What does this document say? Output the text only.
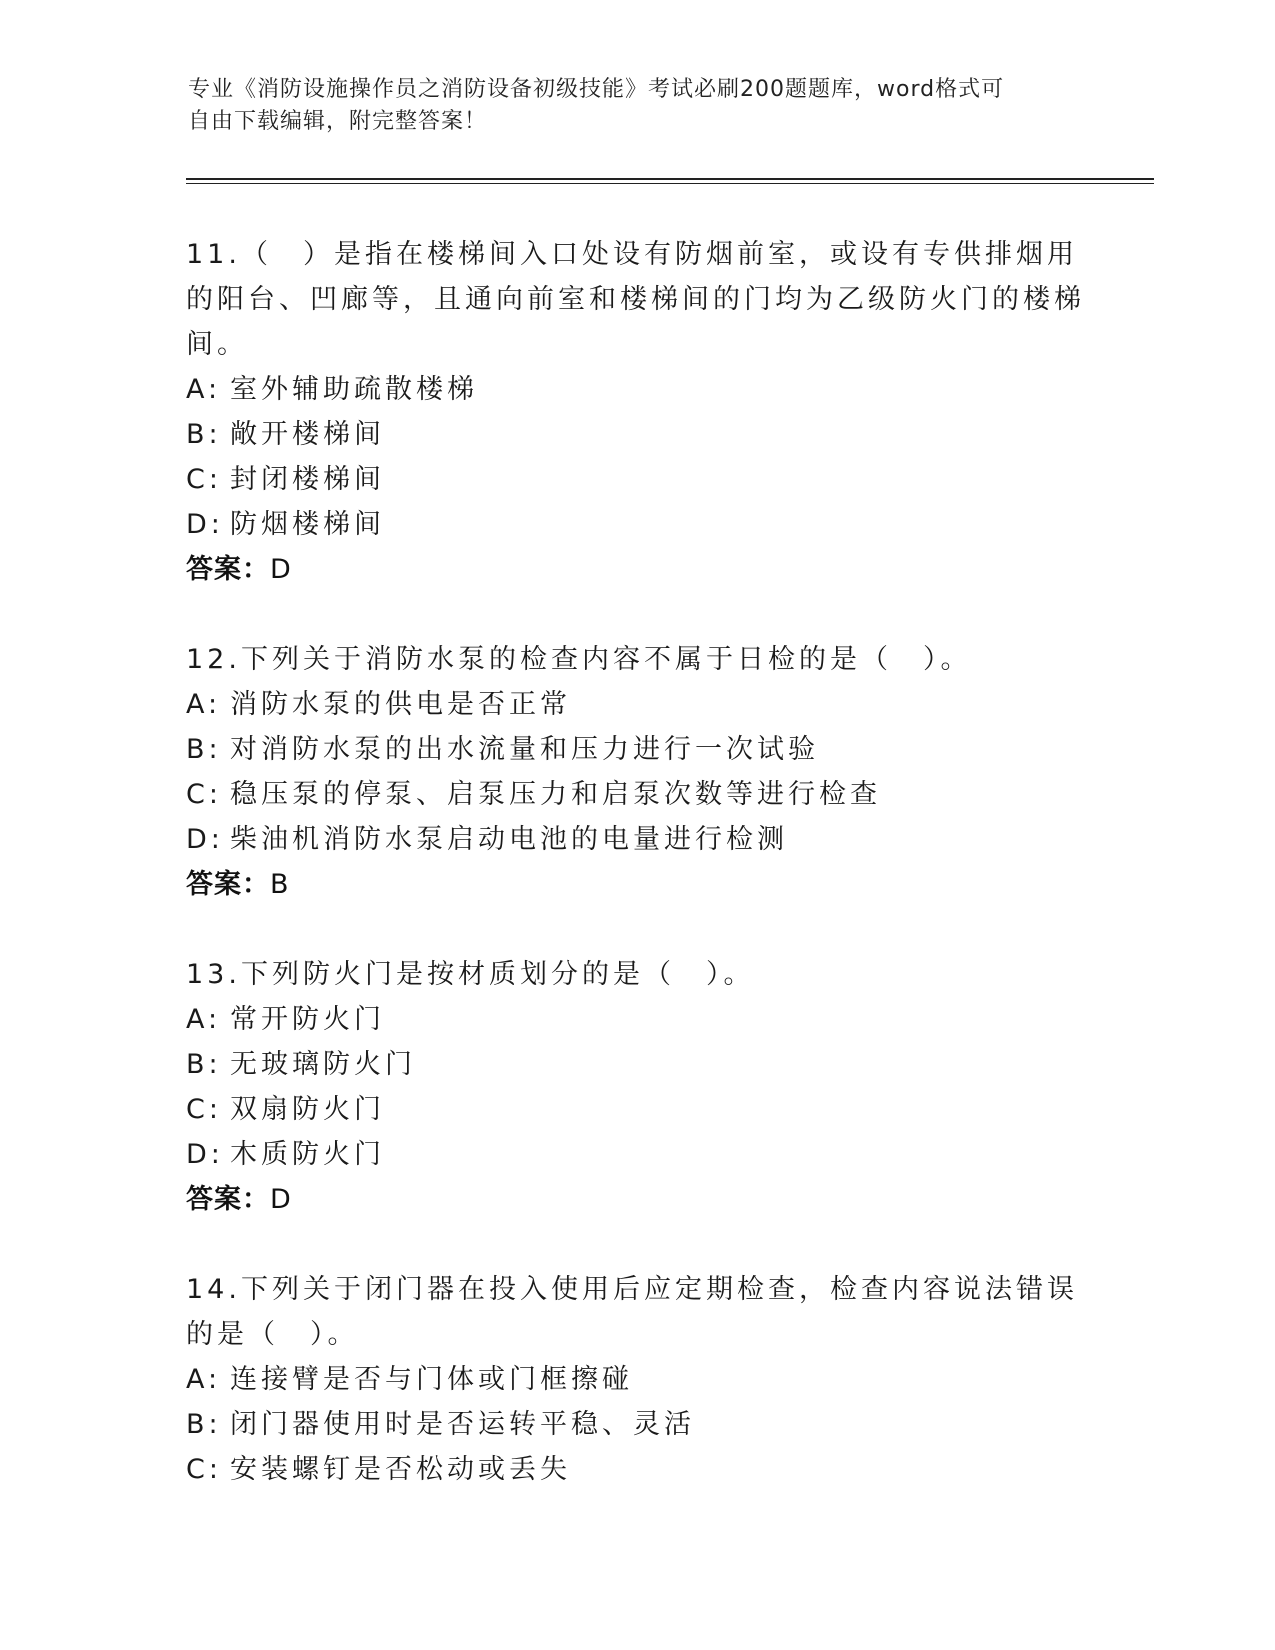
专业《消防设施操作员之消防设备初级技能》考试必刷200题题库，word格式可
自由下载编辑，附完整答案！
11.（　）是指在楼梯间入口处设有防烟前室，或设有专供排烟用的阳台、凹廊等，且通向前室和楼梯间的门均为乙级防火门的楼梯间。
A: 室外辅助疏散楼梯
B: 敞开楼梯间
C: 封闭楼梯间
D: 防烟楼梯间
答案：D
12.下列关于消防水泵的检查内容不属于日检的是（　）。
A: 消防水泵的供电是否正常
B: 对消防水泵的出水流量和压力进行一次试验
C: 稳压泵的停泵、启泵压力和启泵次数等进行检查
D: 柴油机消防水泵启动电池的电量进行检测
答案：B
13.下列防火门是按材质划分的是（　）。
A: 常开防火门
B: 无玻璃防火门
C: 双扇防火门
D: 木质防火门
答案：D
14.下列关于闭门器在投入使用后应定期检查，检查内容说法错误的是（　）。
A: 连接臂是否与门体或门框擦碰
B: 闭门器使用时是否运转平稳、灵活
C: 安装螺钉是否松动或丢失
